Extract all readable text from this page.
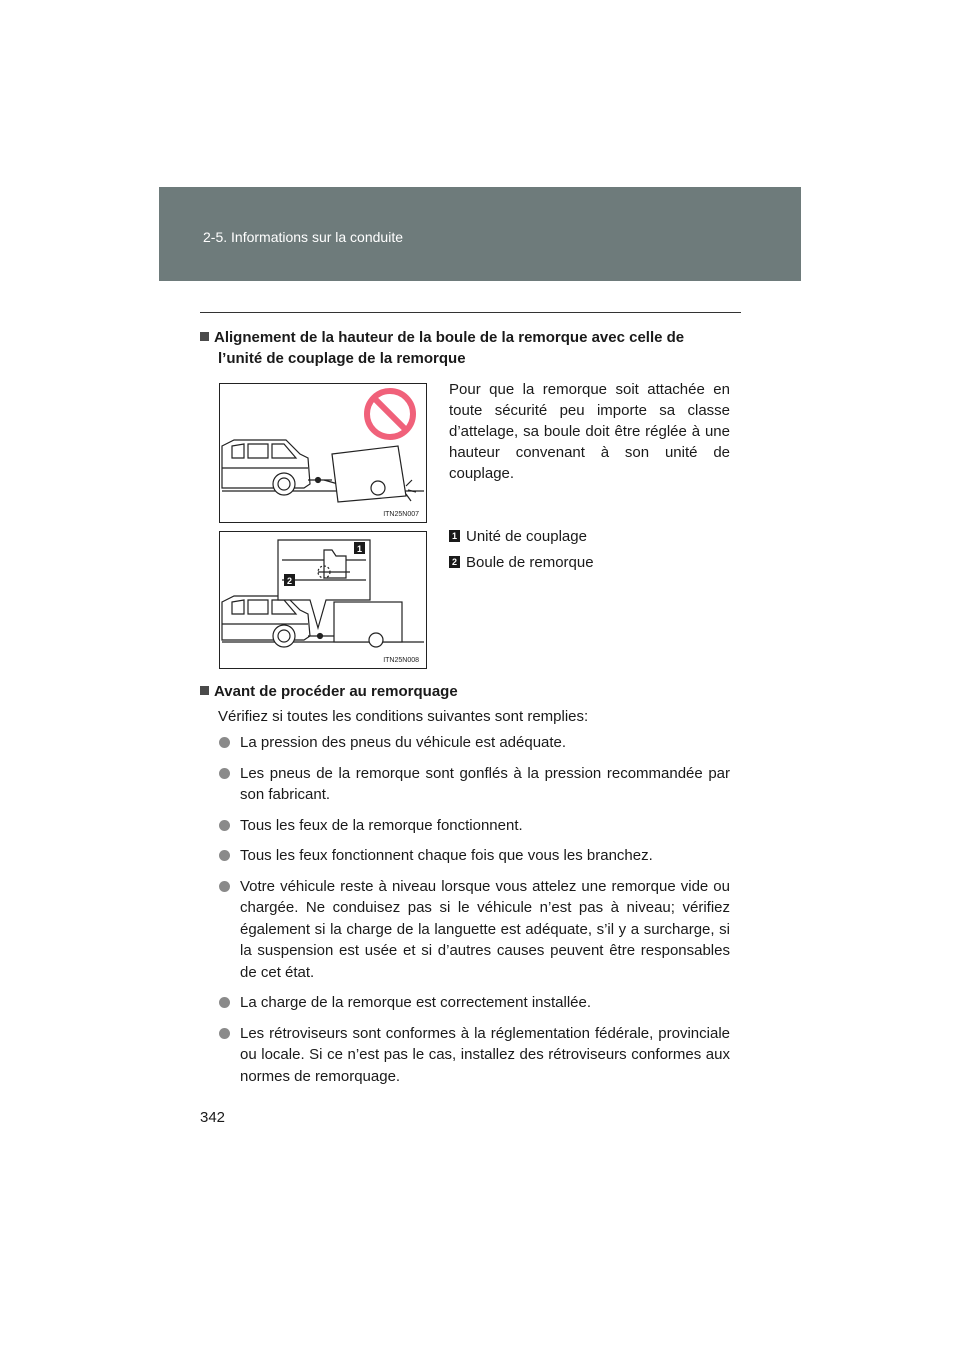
2-5. Informations sur la conduite
Alignement de la hauteur de la boule de la remorque avec celle de
l’unité de couplage de la remorque
ITN25N007
1
2
ITN25N008
Pour que la remorque soit attachée en toute sécurité peu importe sa classe d’attelage, sa boule doit être réglée à une hauteur convenant à son unité de couplage.
1 Unité de couplage
2 Boule de remorque
Avant de procéder au remorquage
Vérifiez si toutes les conditions suivantes sont remplies:
La pression des pneus du véhicule est adéquate.
Les pneus de la remorque sont gonflés à la pression recommandée par son fabricant.
Tous les feux de la remorque fonctionnent.
Tous les feux fonctionnent chaque fois que vous les branchez.
Votre véhicule reste à niveau lorsque vous attelez une remorque vide ou chargée. Ne conduisez pas si le véhicule n’est pas à niveau; vérifiez également si la charge de la languette est adéquate, s’il y a surcharge, si la suspension est usée et si d’autres causes peuvent être responsables de cet état.
La charge de la remorque est correctement installée.
Les rétroviseurs sont conformes à la réglementation fédérale, provinciale ou locale. Si ce n’est pas le cas, installez des rétroviseurs conformes aux normes de remorquage.
342
